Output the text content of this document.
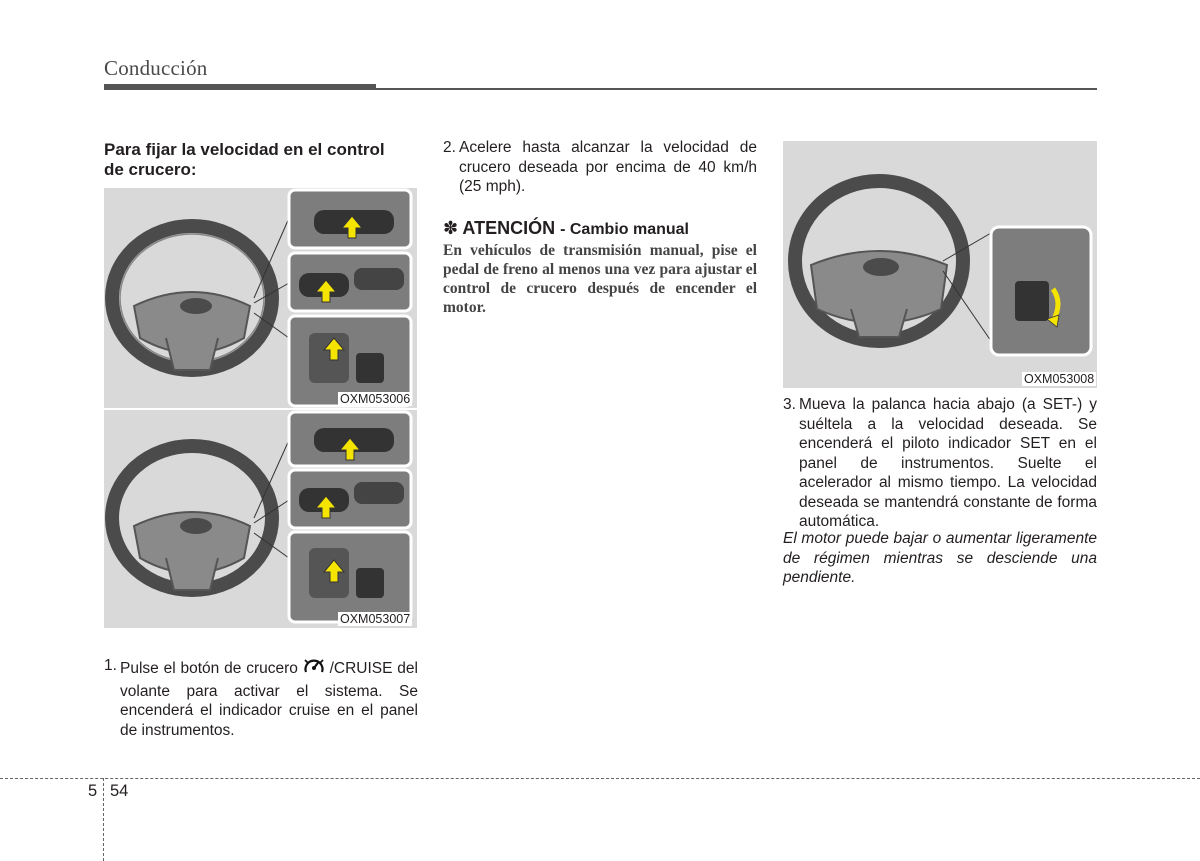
Conducción
Para fijar la velocidad en el control de crucero:
OXM053006
OXM053007
1. Pulse el botón de crucero /CRUISE del volante para activar el sistema. Se encenderá el indicador cruise en el panel de instrumentos.
2. Acelere hasta alcanzar la velocidad de crucero deseada por encima de 40 km/h (25 mph).
✽ ATENCIÓN - Cambio manual
En vehículos de transmisión manual, pise el pedal de freno al menos una vez para ajustar el control de crucero después de encender el motor.
OXM053008
3. Mueva la palanca hacia abajo (a SET-) y suéltela a la velocidad deseada. Se encenderá el piloto indicador SET en el panel de instrumentos. Suelte el acelerador al mismo tiempo. La velocidad deseada se mantendrá constante de forma automática.
El motor puede bajar o aumentar ligeramente de régimen mientras se desciende una pendiente.
5 54
